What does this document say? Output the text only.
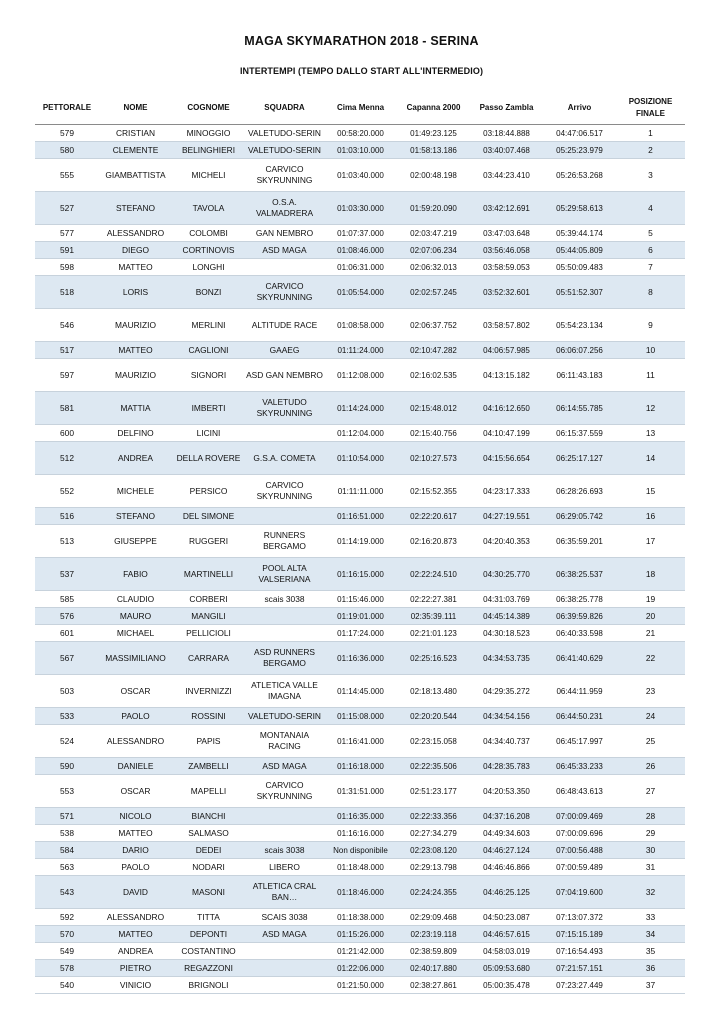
MAGA SKYMARATHON 2018 - SERINA
INTERTEMPI (TEMPO DALLO START ALL'INTERMEDIO)
PETTORALE	NOME	COGNOME	SQUADRA	Cima Menna	Capanna 2000	Passo Zambla	Arrivo	POSIZIONE FINALE
579	CRISTIAN	MINOGGIO	VALETUDO-SERIN	00:58:20.000	01:49:23.125	03:18:44.888	04:47:06.517	1
580	CLEMENTE	BELINGHIERI	VALETUDO-SERIN	01:03:10.000	01:58:13.186	03:40:07.468	05:25:23.979	2
555	GIAMBATTISTA	MICHELI	CARVICO SKYRUNNING	01:03:40.000	02:00:48.198	03:44:23.410	05:26:53.268	3
527	STEFANO	TAVOLA	O.S.A. VALMADRERA	01:03:30.000	01:59:20.090	03:42:12.691	05:29:58.613	4
577	ALESSANDRO	COLOMBI	GAN NEMBRO	01:07:37.000	02:03:47.219	03:47:03.648	05:39:44.174	5
591	DIEGO	CORTINOVIS	ASD MAGA	01:08:46.000	02:07:06.234	03:56:46.058	05:44:05.809	6
598	MATTEO	LONGHI		01:06:31.000	02:06:32.013	03:58:59.053	05:50:09.483	7
518	LORIS	BONZI	CARVICO SKYRUNNING	01:05:54.000	02:02:57.245	03:52:32.601	05:51:52.307	8
546	MAURIZIO	MERLINI	ALTITUDE RACE	01:08:58.000	02:06:37.752	03:58:57.802	05:54:23.134	9
517	MATTEO	CAGLIONI	GAAEG	01:11:24.000	02:10:47.282	04:06:57.985	06:06:07.256	10
597	MAURIZIO	SIGNORI	ASD GAN NEMBRO	01:12:08.000	02:16:02.535	04:13:15.182	06:11:43.183	11
581	MATTIA	IMBERTI	VALETUDO SKYRUNNING	01:14:24.000	02:15:48.012	04:16:12.650	06:14:55.785	12
600	DELFINO	LICINI		01:12:04.000	02:15:40.756	04:10:47.199	06:15:37.559	13
512	ANDREA	DELLA ROVERE	G.S.A. COMETA	01:10:54.000	02:10:27.573	04:15:56.654	06:25:17.127	14
552	MICHELE	PERSICO	CARVICO SKYRUNNING	01:11:11.000	02:15:52.355	04:23:17.333	06:28:26.693	15
516	STEFANO	DEL SIMONE		01:16:51.000	02:22:20.617	04:27:19.551	06:29:05.742	16
513	GIUSEPPE	RUGGERI	RUNNERS BERGAMO	01:14:19.000	02:16:20.873	04:20:40.353	06:35:59.201	17
537	FABIO	MARTINELLI	POOL ALTA VALSERIANA	01:16:15.000	02:22:24.510	04:30:25.770	06:38:25.537	18
585	CLAUDIO	CORBERI	scais 3038	01:15:46.000	02:22:27.381	04:31:03.769	06:38:25.778	19
576	MAURO	MANGILI		01:19:01.000	02:35:39.111	04:45:14.389	06:39:59.826	20
601	MICHAEL	PELLICIOLI		01:17:24.000	02:21:01.123	04:30:18.523	06:40:33.598	21
567	MASSIMILIANO	CARRARA	ASD RUNNERS BERGAMO	01:16:36.000	02:25:16.523	04:34:53.735	06:41:40.629	22
503	OSCAR	INVERNIZZI	ATLETICA VALLE IMAGNA	01:14:45.000	02:18:13.480	04:29:35.272	06:44:11.959	23
533	PAOLO	ROSSINI	VALETUDO-SERIN	01:15:08.000	02:20:20.544	04:34:54.156	06:44:50.231	24
524	ALESSANDRO	PAPIS	MONTANAIA RACING	01:16:41.000	02:23:15.058	04:34:40.737	06:45:17.997	25
590	DANIELE	ZAMBELLI	ASD MAGA	01:16:18.000	02:22:35.506	04:28:35.783	06:45:33.233	26
553	OSCAR	MAPELLI	CARVICO SKYRUNNING	01:31:51.000	02:51:23.177	04:20:53.350	06:48:43.613	27
571	NICOLO	BIANCHI		01:16:35.000	02:22:33.356	04:37:16.208	07:00:09.469	28
538	MATTEO	SALMASO		01:16:16.000	02:27:34.279	04:49:34.603	07:00:09.696	29
584	DARIO	DEDEI	scais 3038	Non disponibile	02:23:08.120	04:46:27.124	07:00:56.488	30
563	PAOLO	NODARI	LIBERO	01:18:48.000	02:29:13.798	04:46:46.866	07:00:59.489	31
543	DAVID	MASONI	ATLETICA CRAL BAN…	01:18:46.000	02:24:24.355	04:46:25.125	07:04:19.600	32
592	ALESSANDRO	TITTA	SCAIS 3038	01:18:38.000	02:29:09.468	04:50:23.087	07:13:07.372	33
570	MATTEO	DEPONTI	ASD MAGA	01:15:26.000	02:23:19.118	04:46:57.615	07:15:15.189	34
549	ANDREA	COSTANTINO		01:21:42.000	02:38:59.809	04:58:03.019	07:16:54.493	35
578	PIETRO	REGAZZONI		01:22:06.000	02:40:17.880	05:09:53.680	07:21:57.151	36
540	VINICIO	BRIGNOLI		01:21:50.000	02:38:27.861	05:00:35.478	07:23:27.449	37
